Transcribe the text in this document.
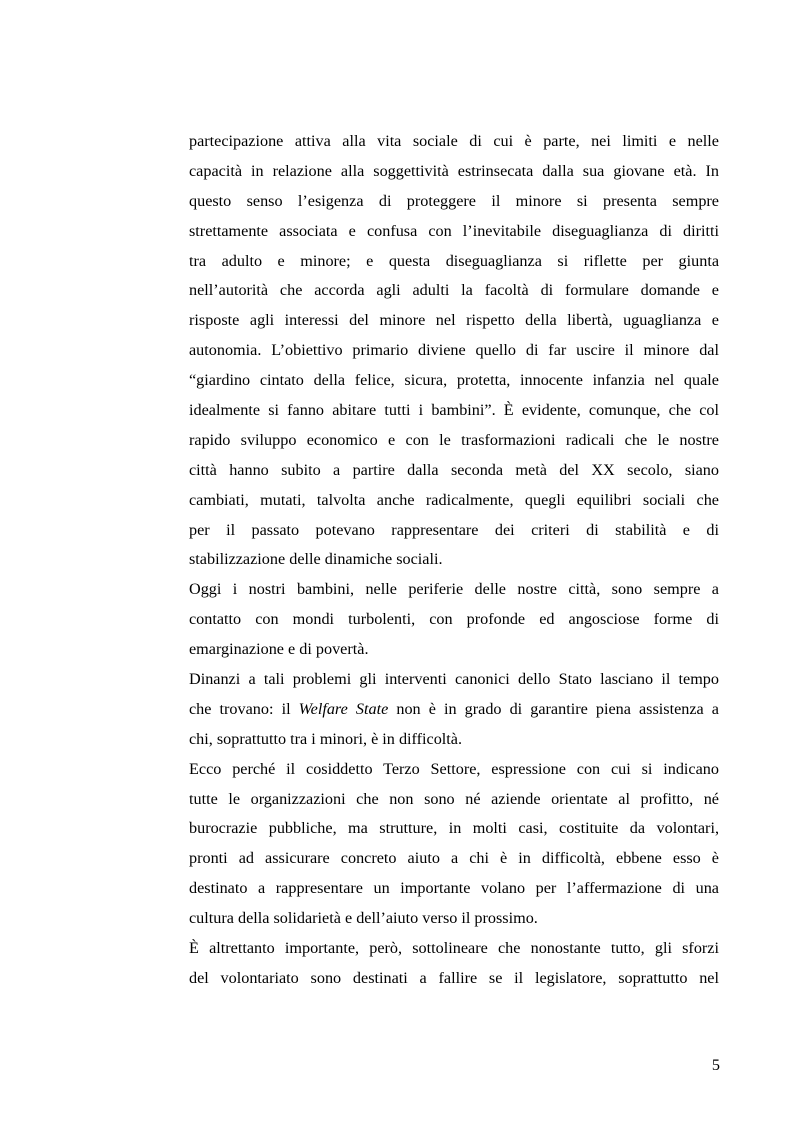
partecipazione attiva alla vita sociale di cui è parte, nei limiti e nelle
capacità in relazione alla soggettività estrinsecata dalla sua giovane età. In
questo senso l’esigenza di proteggere il minore si presenta sempre
strettamente associata e confusa con l’inevitabile diseguaglianza di diritti
tra adulto e minore; e questa diseguaglianza si riflette per giunta
nell’autorità che accorda agli adulti la facoltà di formulare domande e
risposte agli interessi del minore nel rispetto della libertà, uguaglianza e
autonomia. L’obiettivo primario diviene quello di far uscire il minore dal
“giardino cintato della felice, sicura, protetta, innocente infanzia nel quale
idealmente si fanno abitare tutti i bambini”. È evidente, comunque, che col
rapido sviluppo economico e con le trasformazioni radicali che le nostre
città hanno subito a partire dalla seconda metà del XX secolo, siano
cambiati, mutati, talvolta anche radicalmente, quegli equilibri sociali che
per il passato potevano rappresentare dei criteri di stabilità e di
stabilizzazione delle dinamiche sociali.
Oggi i nostri bambini, nelle periferie delle nostre città, sono sempre a
contatto con mondi turbolenti, con profonde ed angosciose forme di
emarginazione e di povertà.
Dinanzi a tali problemi gli interventi canonici dello Stato lasciano il tempo
che trovano: il Welfare State non è in grado di garantire piena assistenza a
chi, soprattutto tra i minori, è in difficoltà.
Ecco perché il cosiddetto Terzo Settore, espressione con cui si indicano
tutte le organizzazioni che non sono né aziende orientate al profitto, né
burocrazie pubbliche, ma strutture, in molti casi, costituite da volontari,
pronti ad assicurare concreto aiuto a chi è in difficoltà, ebbene esso è
destinato a rappresentare un importante volano per l’affermazione di una
cultura della solidarietà e dell’aiuto verso il prossimo.
È altrettanto importante, però, sottolineare che nonostante tutto, gli sforzi
del volontariato sono destinati a fallire se il legislatore, soprattutto nel
5
